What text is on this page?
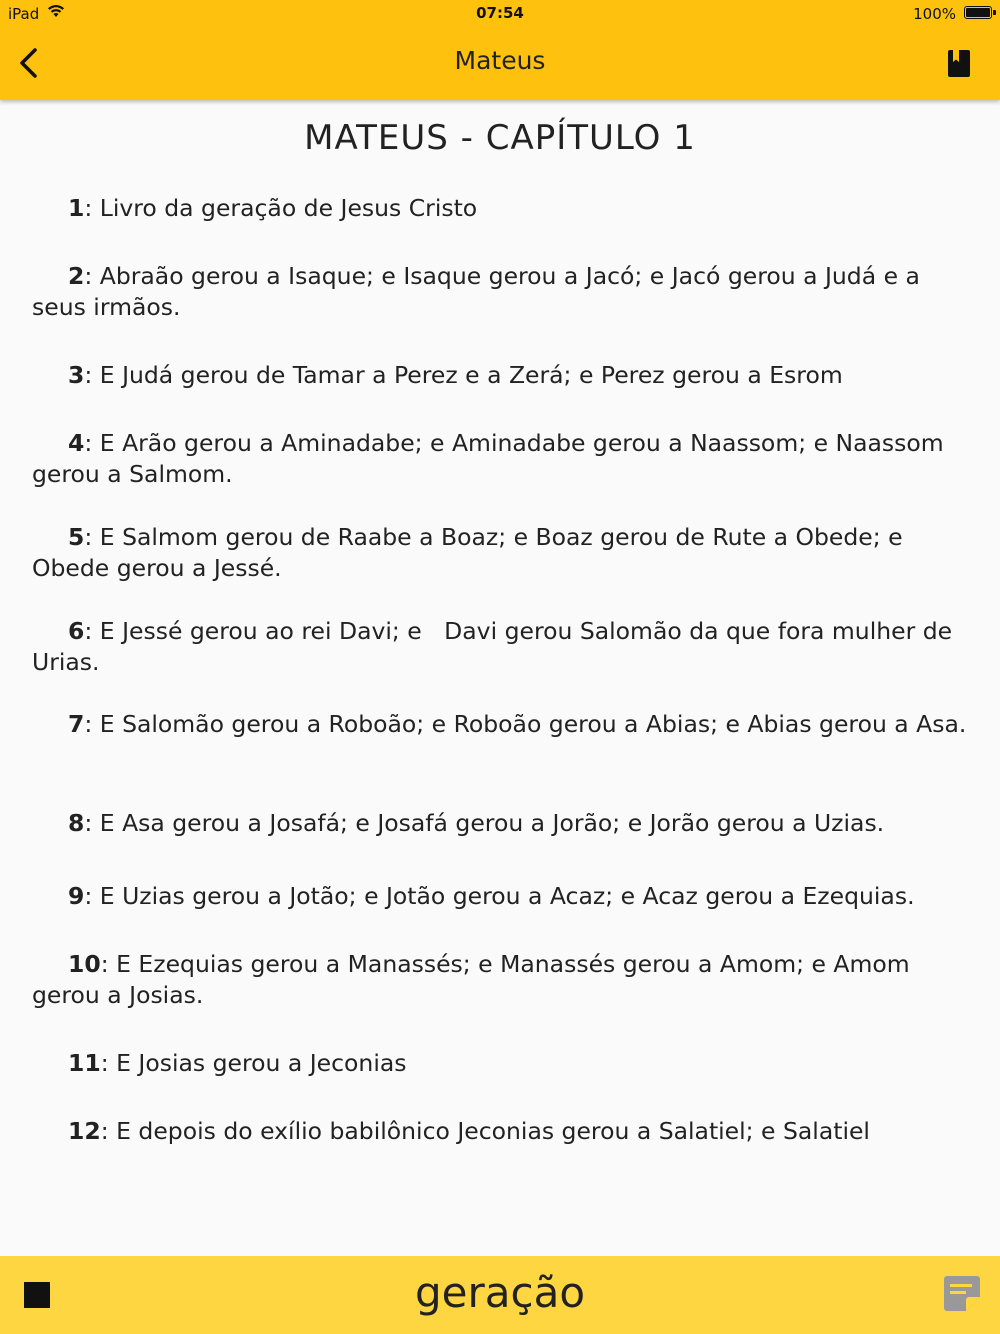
iPad	07:54	100%
Mateus
MATEUS - CAPÍTULO 1
1: Livro da geração de Jesus Cristo
2: Abraão gerou a Isaque; e Isaque gerou a Jacó; e Jacó gerou a Judá e a seus irmãos.
3: E Judá gerou de Tamar a Perez e a Zerá; e Perez gerou a Esrom
4: E Arão gerou a Aminadabe; e Aminadabe gerou a Naassom; e Naassom gerou a Salmom.
5: E Salmom gerou de Raabe a Boaz; e Boaz gerou de Rute a Obede; e Obede gerou a Jessé.
6: E Jessé gerou ao rei Davi; e   Davi gerou Salomão da que fora mulher de Urias.
7: E Salomão gerou a Roboão; e Roboão gerou a Abias; e Abias gerou a Asa.
8: E Asa gerou a Josafá; e Josafá gerou a Jorão; e Jorão gerou a Uzias.
9: E Uzias gerou a Jotão; e Jotão gerou a Acaz; e Acaz gerou a Ezequias.
10: E Ezequias gerou a Manassés; e Manassés gerou a Amom; e Amom gerou a Josias.
11: E Josias gerou a Jeconias
12: E depois do exílio babilônico Jeconias gerou a Salatiel; e Salatiel
geração
